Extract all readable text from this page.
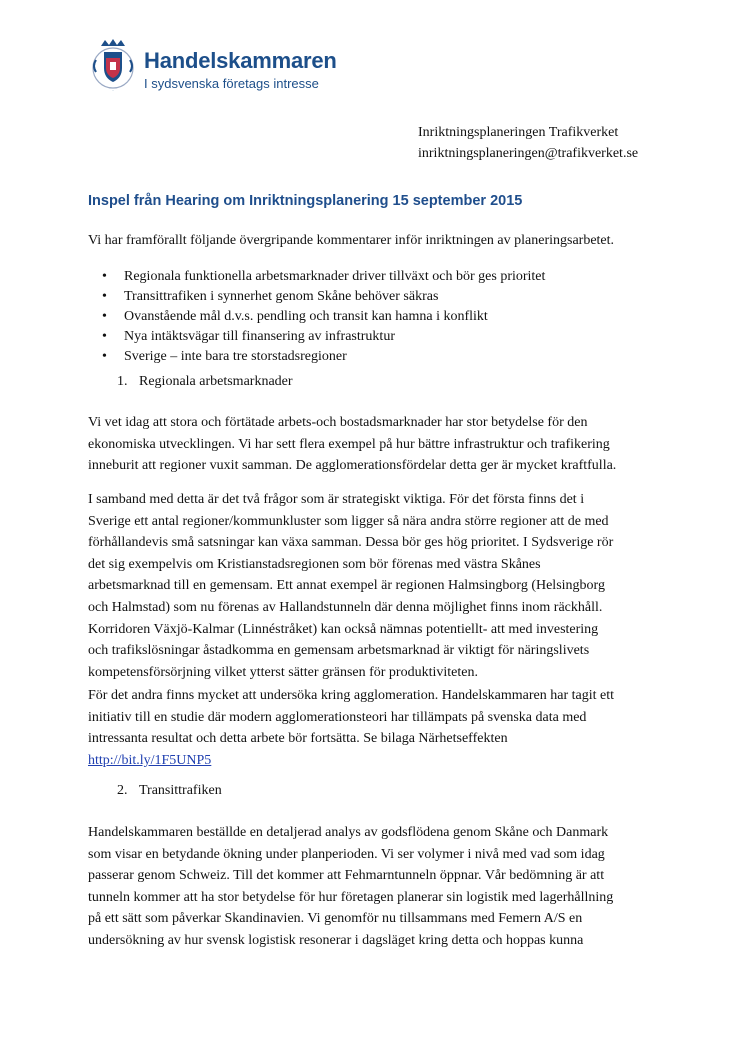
.
Handelskammaren
I sydsvenska företags intresse
Inriktningsplaneringen Trafikverket
inriktningsplaneringen@trafikverket.se
Inspel från Hearing om Inriktningsplanering 15 september 2015

Vi har framförallt följande övergripande kommentarer inför inriktningen av planeringsarbetet.

• Regionala funktionella arbetsmarknader driver tillväxt och bör ges prioritet
• Transittrafiken i synnerhet genom Skåne behöver säkras
• Ovanstående mål d.v.s. pendling och transit kan hamna i konflikt
• Nya intäktsvägar till finansering av infrastruktur
• Sverige – inte bara tre storstadsregioner
1. Regionala arbetsmarknader

Vi vet idag att stora och förtätade arbets-och bostadsmarknader har stor betydelse för den

ekonomiska utvecklingen. Vi har sett flera exempel på hur bättre infrastruktur och trafikering

inneburit att regioner vuxit samman. De agglomerationsfördelar detta ger är mycket kraftfulla.

I samband med detta är det två frågor som är strategiskt viktiga. För det första finns det i

Sverige ett antal regioner/kommunkluster som ligger så nära andra större regioner att de med

förhållandevis små satsningar kan växa samman. Dessa bör ges hög prioritet. I Sydsverige rör

det sig exempelvis om Kristianstadsregionen som bör förenas med västra Skånes

arbetsmarknad till en gemensam. Ett annat exempel är regionen Halmsingborg (Helsingborg

och Halmstad) som nu förenas av Hallandstunneln där denna möjlighet finns inom räckhåll.

Korridoren Växjö-Kalmar (Linnéstråket) kan också nämnas potentiellt- att med investering

och trafikslösningar åstadkomma en gemensam arbetsmarknad är viktigt för näringslivets

kompetensförsörjning vilket ytterst sätter gränsen för produktiviteten.

För det andra finns mycket att undersöka kring agglomeration. Handelskammaren har tagit ett

initiativ till en studie där modern agglomerationsteori har tillämpats på svenska data med

intressanta resultat och detta arbete bör fortsätta. Se bilaga Närhetseffekten

http://bit.ly/1F5UNP5

2. Transittrafiken

Handelskammaren beställde en detaljerad analys av godsflödena genom Skåne och Danmark

som visar en betydande ökning under planperioden. Vi ser volymer i nivå med vad som idag

passerar genom Schweiz. Till det kommer att Fehmarntunneln öppnar. Vår bedömning är att

tunneln kommer att ha stor betydelse för hur företagen planerar sin logistik med lagerhållning

på ett sätt som påverkar Skandinavien. Vi genomför nu tillsammans med Femern A/S en

undersökning av hur svensk logistisk resonerar i dagsläget kring detta och hoppas kunna
